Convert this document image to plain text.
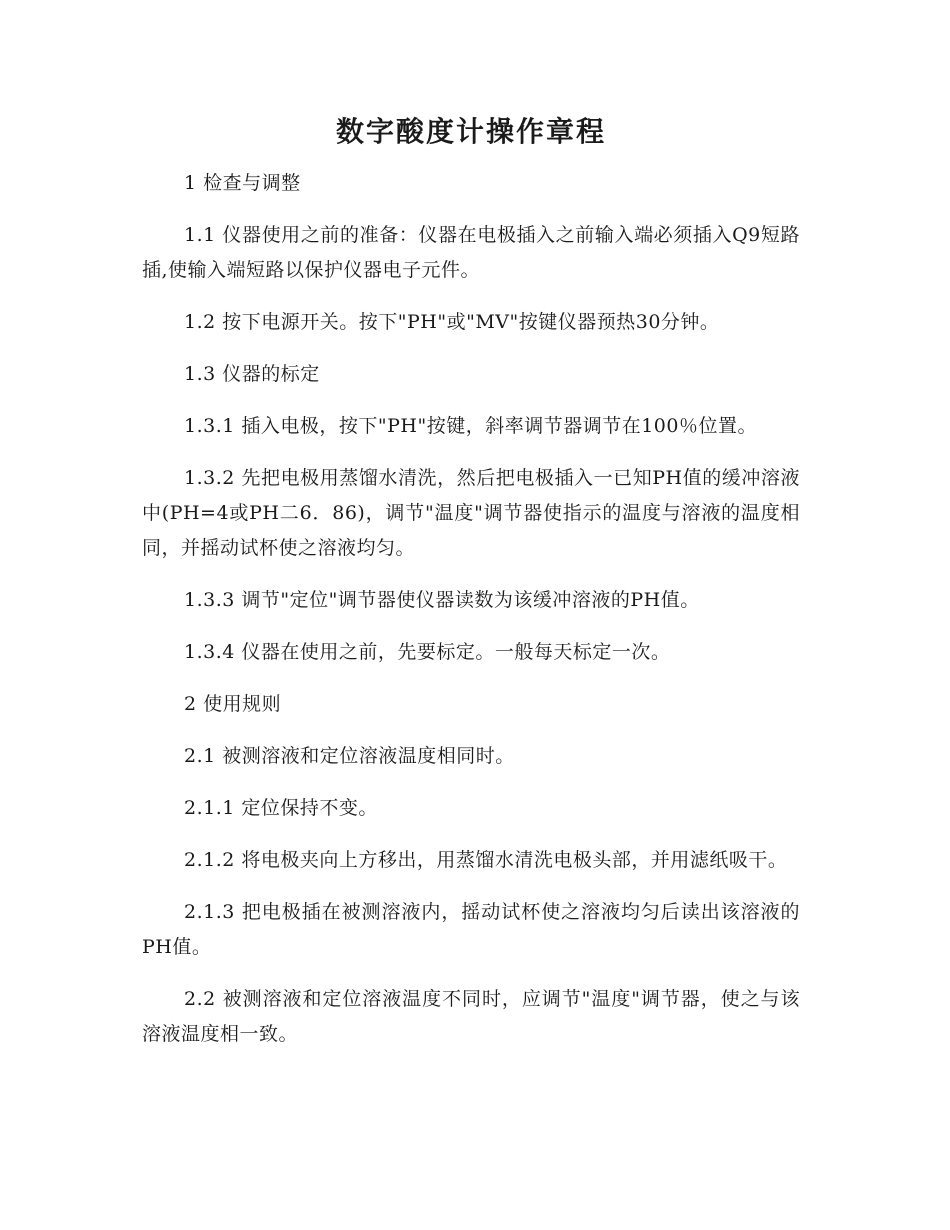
数字酸度计操作章程

1 检查与调整

1.1 仪器使用之前的准备：仪器在电极插入之前输入端必须插入Q9短路插,使输入端短路以保护仪器电子元件。

1.2 按下电源开关。按下"PH"或"MV"按键仪器预热30分钟。

1.3 仪器的标定

1.3.1 插入电极，按下"PH"按键，斜率调节器调节在100％位置。

1.3.2 先把电极用蒸馏水清洗，然后把电极插入一已知PH值的缓冲溶液中(PH=4或PH二6．86)，调节"温度"调节器使指示的温度与溶液的温度相同，并摇动试杯使之溶液均匀。

1.3.3 调节"定位"调节器使仪器读数为该缓冲溶液的PH值。

1.3.4 仪器在使用之前，先要标定。一般每天标定一次。

2 使用规则

2.1 被测溶液和定位溶液温度相同时。

2.1.1 定位保持不变。

2.1.2 将电极夹向上方移出，用蒸馏水清洗电极头部，并用滤纸吸干。

2.1.3 把电极插在被测溶液内，摇动试杯使之溶液均匀后读出该溶液的PH值。

2.2 被测溶液和定位溶液温度不同时，应调节"温度"调节器，使之与该溶液温度相一致。
